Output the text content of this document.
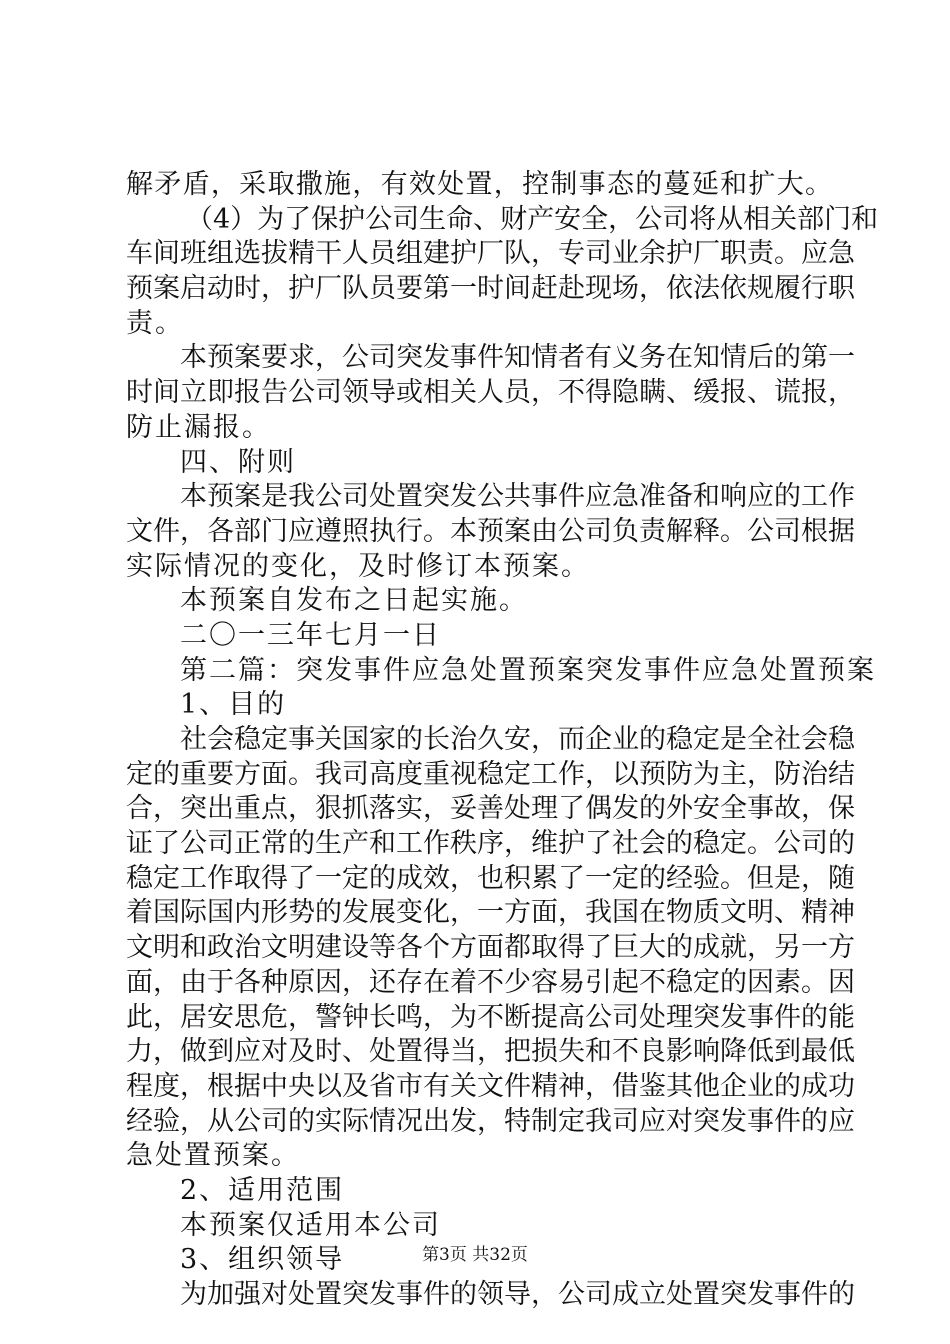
解矛盾，采取撒施，有效处置，控制事态的蔓延和扩大。
（4）为了保护公司生命、财产安全，公司将从相关部门和
车间班组选拔精干人员组建护厂队，专司业余护厂职责。应急
预案启动时，护厂队员要第一时间赶赴现场，依法依规履行职
责。
本预案要求，公司突发事件知情者有义务在知情后的第一
时间立即报告公司领导或相关人员，不得隐瞒、缓报、谎报，
防止漏报。
四、附则
本预案是我公司处置突发公共事件应急准备和响应的工作
文件，各部门应遵照执行。本预案由公司负责解释。公司根据
实际情况的变化，及时修订本预案。
本预案自发布之日起实施。
二〇一三年七月一日
第二篇：突发事件应急处置预案突发事件应急处置预案
1、目的
社会稳定事关国家的长治久安，而企业的稳定是全社会稳
定的重要方面。我司高度重视稳定工作，以预防为主，防治结
合，突出重点，狠抓落实，妥善处理了偶发的外安全事故，保
证了公司正常的生产和工作秩序，维护了社会的稳定。公司的
稳定工作取得了一定的成效，也积累了一定的经验。但是，随
着国际国内形势的发展变化，一方面，我国在物质文明、精神
文明和政治文明建设等各个方面都取得了巨大的成就，另一方
面，由于各种原因，还存在着不少容易引起不稳定的因素。因
此，居安思危，警钟长鸣，为不断提高公司处理突发事件的能
力，做到应对及时、处置得当，把损失和不良影响降低到最低
程度，根据中央以及省市有关文件精神，借鉴其他企业的成功
经验，从公司的实际情况出发，特制定我司应对突发事件的应
急处置预案。
2、适用范围
本预案仅适用本公司
3、组织领导
为加强对处置突发事件的领导，公司成立处置突发事件的
第3页 共32页
